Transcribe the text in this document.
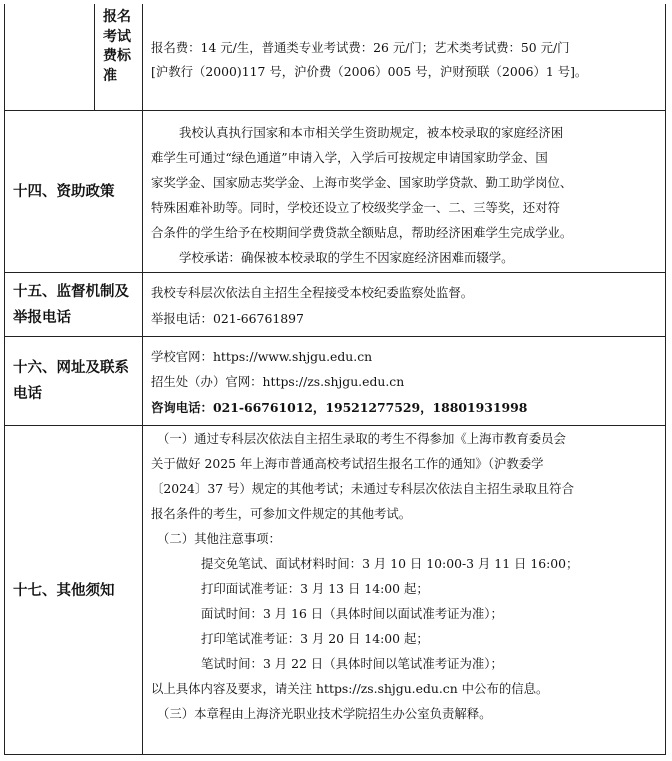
报名
考试
费标
准
报名费：14 元/生，普通类专业考试费：26 元/门；艺术类考试费：50 元/门
[沪教行（2000)117 号，沪价费（2006）005 号，沪财预联（2006）1 号]。
十四、资助政策
我校认真执行国家和本市相关学生资助规定，被本校录取的家庭经济困
难学生可通过“绿色通道”申请入学，入学后可按规定申请国家助学金、国
家奖学金、国家励志奖学金、上海市奖学金、国家助学贷款、勤工助学岗位、
特殊困难补助等。同时，学校还设立了校级奖学金一、二、三等奖，还对符
合条件的学生给予在校期间学费贷款全额贴息，帮助经济困难学生完成学业。
学校承诺：确保被本校录取的学生不因家庭经济困难而辍学。
十五、监督机制及
举报电话
我校专科层次依法自主招生全程接受本校纪委监察处监督。
举报电话：021-66761897
十六、网址及联系
电话
学校官网：https://www.shjgu.edu.cn
招生处（办）官网：https://zs.shjgu.edu.cn
咨询电话：021-66761012，19521277529，18801931998
十七、其他须知
（一）通过专科层次依法自主招生录取的考生不得参加《上海市教育委员会
关于做好 2025 年上海市普通高校考试招生报名工作的通知》（沪教委学
〔2024〕37 号）规定的其他考试；未通过专科层次依法自主招生录取且符合
报名条件的考生，可参加文件规定的其他考试。
（二）其他注意事项：
提交免笔试、面试材料时间：3 月 10 日 10:00-3 月 11 日 16:00；
打印面试准考证：3 月 13 日 14:00 起；
面试时间：3 月 16 日（具体时间以面试准考证为准）；
打印笔试准考证：3 月 20 日 14:00 起；
笔试时间：3 月 22 日（具体时间以笔试准考证为准）；
以上具体内容及要求，请关注 https://zs.shjgu.edu.cn 中公布的信息。
（三）本章程由上海济光职业技术学院招生办公室负责解释。
